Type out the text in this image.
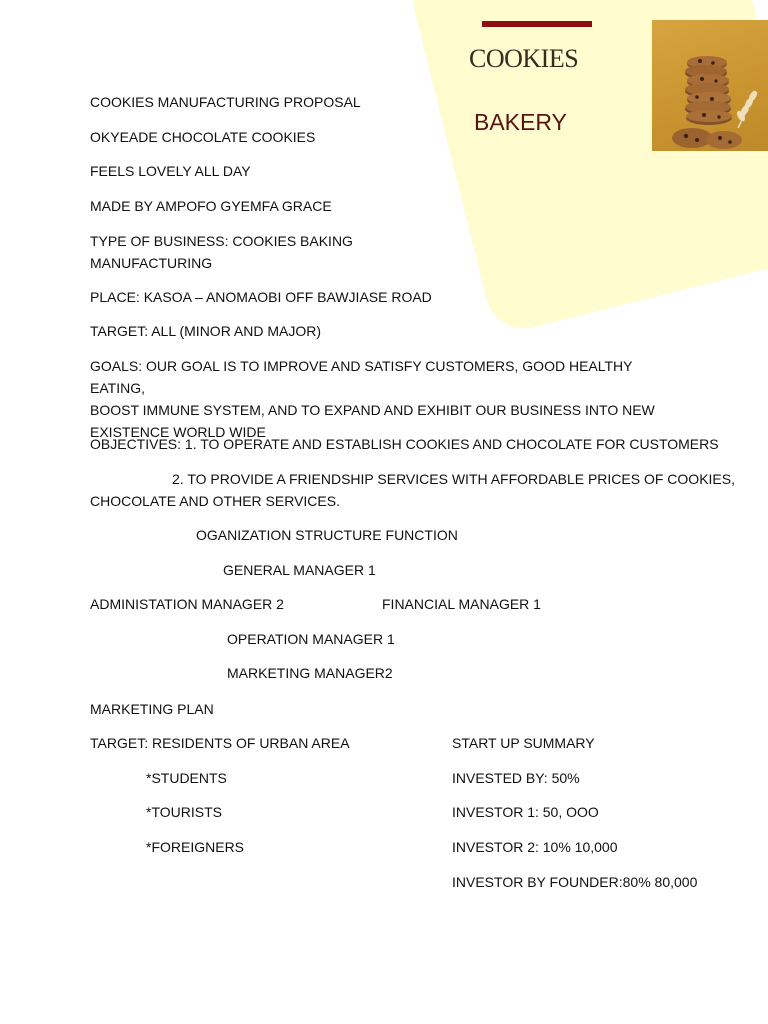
COOKIES
BAKERY
COOKIES MANUFACTURING PROPOSAL
OKYEADE CHOCOLATE COOKIES
FEELS LOVELY ALL DAY
MADE BY AMPOFO GYEMFA GRACE
TYPE OF BUSINESS: COOKIES BAKING
MANUFACTURING
PLACE: KASOA – ANOMAOBI OFF BAWJIASE ROAD
TARGET: ALL (MINOR AND MAJOR)
GOALS: OUR GOAL IS TO IMPROVE AND SATISFY CUSTOMERS, GOOD HEALTHY EATING,
BOOST IMMUNE SYSTEM, AND TO EXPAND AND EXHIBIT OUR BUSINESS INTO NEW
EXISTENCE WORLD WIDE
OBJECTIVES: 1. TO OPERATE AND ESTABLISH COOKIES AND CHOCOLATE FOR CUSTOMERS
2. TO PROVIDE A FRIENDSHIP SERVICES WITH AFFORDABLE PRICES OF COOKIES,
CHOCOLATE AND OTHER SERVICES.
OGANIZATION STRUCTURE FUNCTION
GENERAL MANAGER 1
ADMINISTATION MANAGER 2	FINANCIAL MANAGER 1
OPERATION MANAGER 1
MARKETING MANAGER2
MARKETING PLAN
TARGET: RESIDENTS OF URBAN AREA
*STUDENTS
*TOURISTS
*FOREIGNERS
START UP SUMMARY
INVESTED BY: 50%
INVESTOR 1: 50, OOO
INVESTOR 2: 10% 10,000
INVESTOR BY FOUNDER:80% 80,000
